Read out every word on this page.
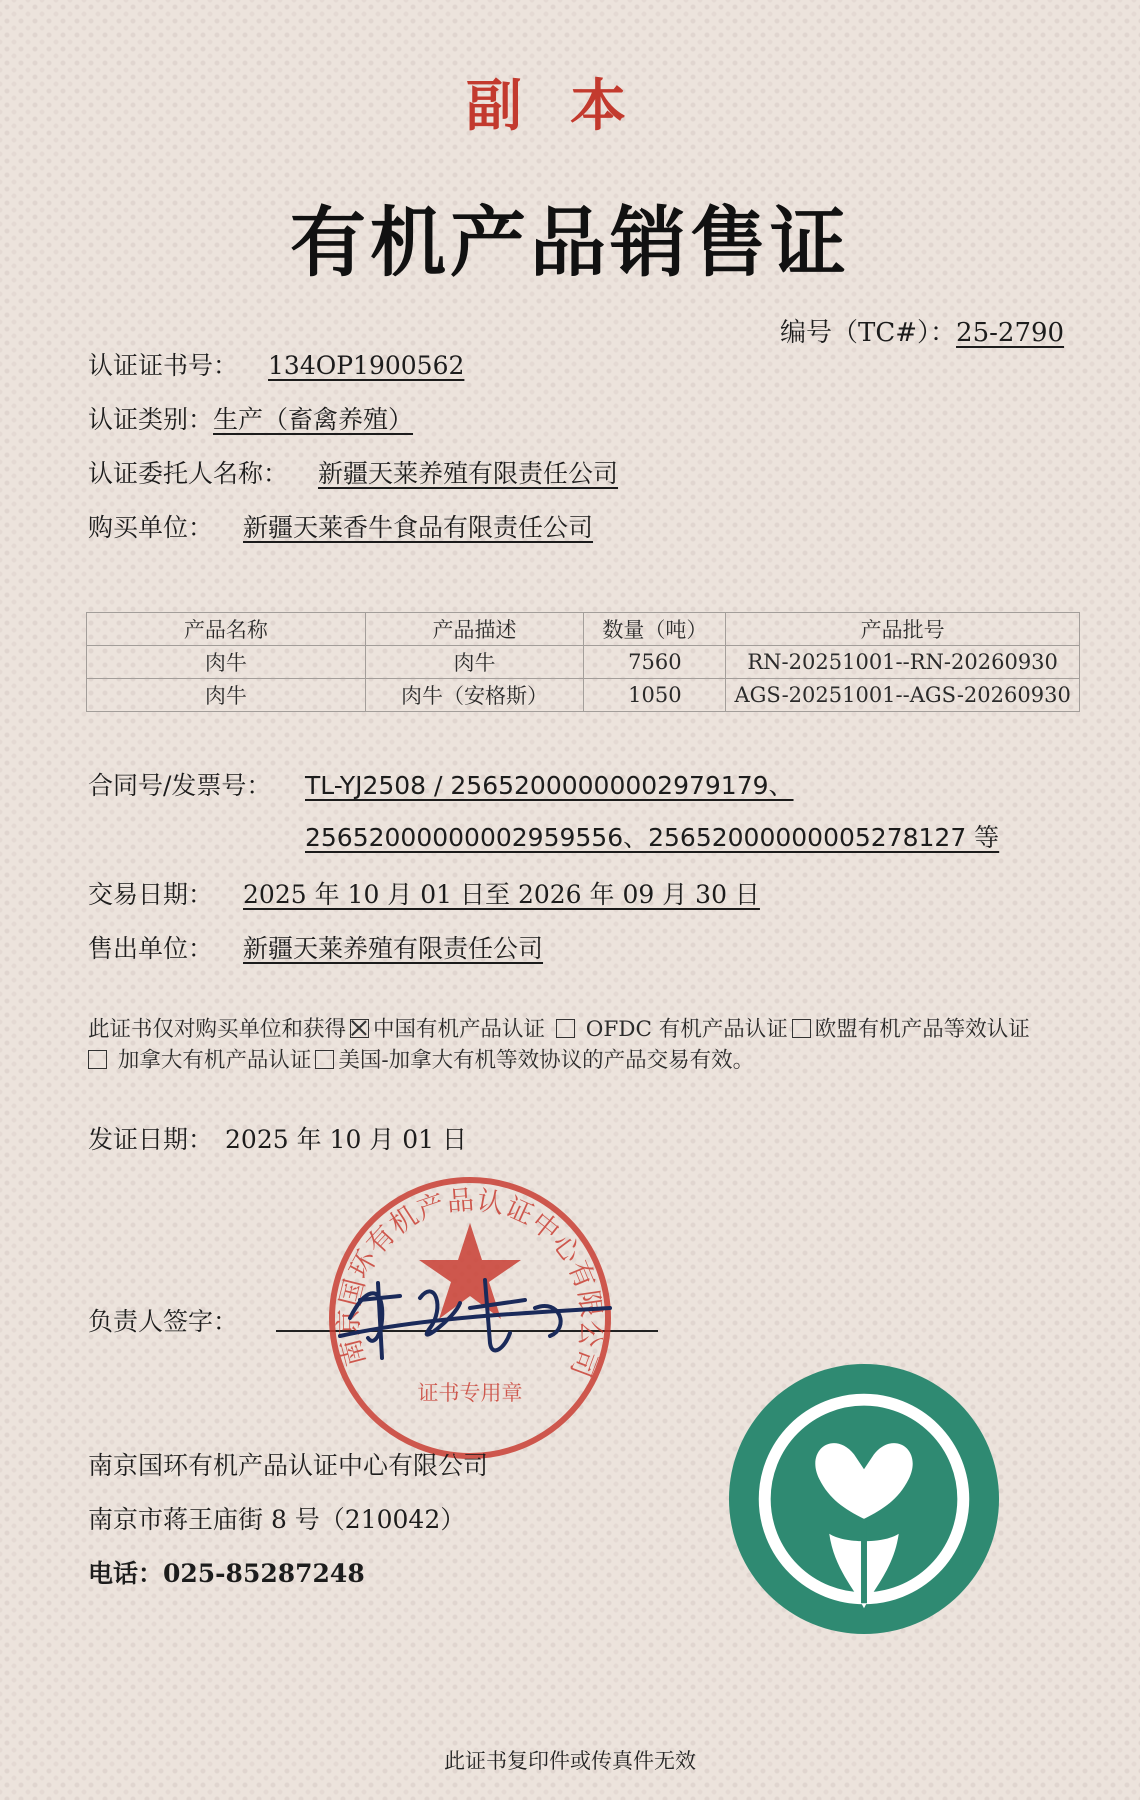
副本
有机产品销售证
编号（TC#）：25-2790
认证证书号： 134OP1900562
认证类别：生产（畜禽养殖）
认证委托人名称： 新疆天莱养殖有限责任公司
购买单位： 新疆天莱香牛食品有限责任公司
产品名称	产品描述	数量（吨）	产品批号
肉牛	肉牛	7560	RN-20251001--RN-20260930
肉牛	肉牛（安格斯）	1050	AGS-20251001--AGS-20260930
合同号/发票号： TL-YJ2508 / 25652000000002979179、
25652000000002959556、25652000000005278127 等
交易日期： 2025 年 10 月 01 日至 2026 年 09 月 30 日
售出单位： 新疆天莱养殖有限责任公司
此证书仅对购买单位和获得 中国有机产品认证 OFDC 有机产品认证 欧盟有机产品等效认证
加拿大有机产品认证 美国-加拿大有机等效协议的产品交易有效。
发证日期： 2025 年 10 月 01 日
负责人签字：
南京国环有机产品认证中心有限公司
证书专用章
南京国环有机产品认证中心有限公司
南京市蒋王庙街 8 号（210042）
电话：025-85287248
此证书复印件或传真件无效
